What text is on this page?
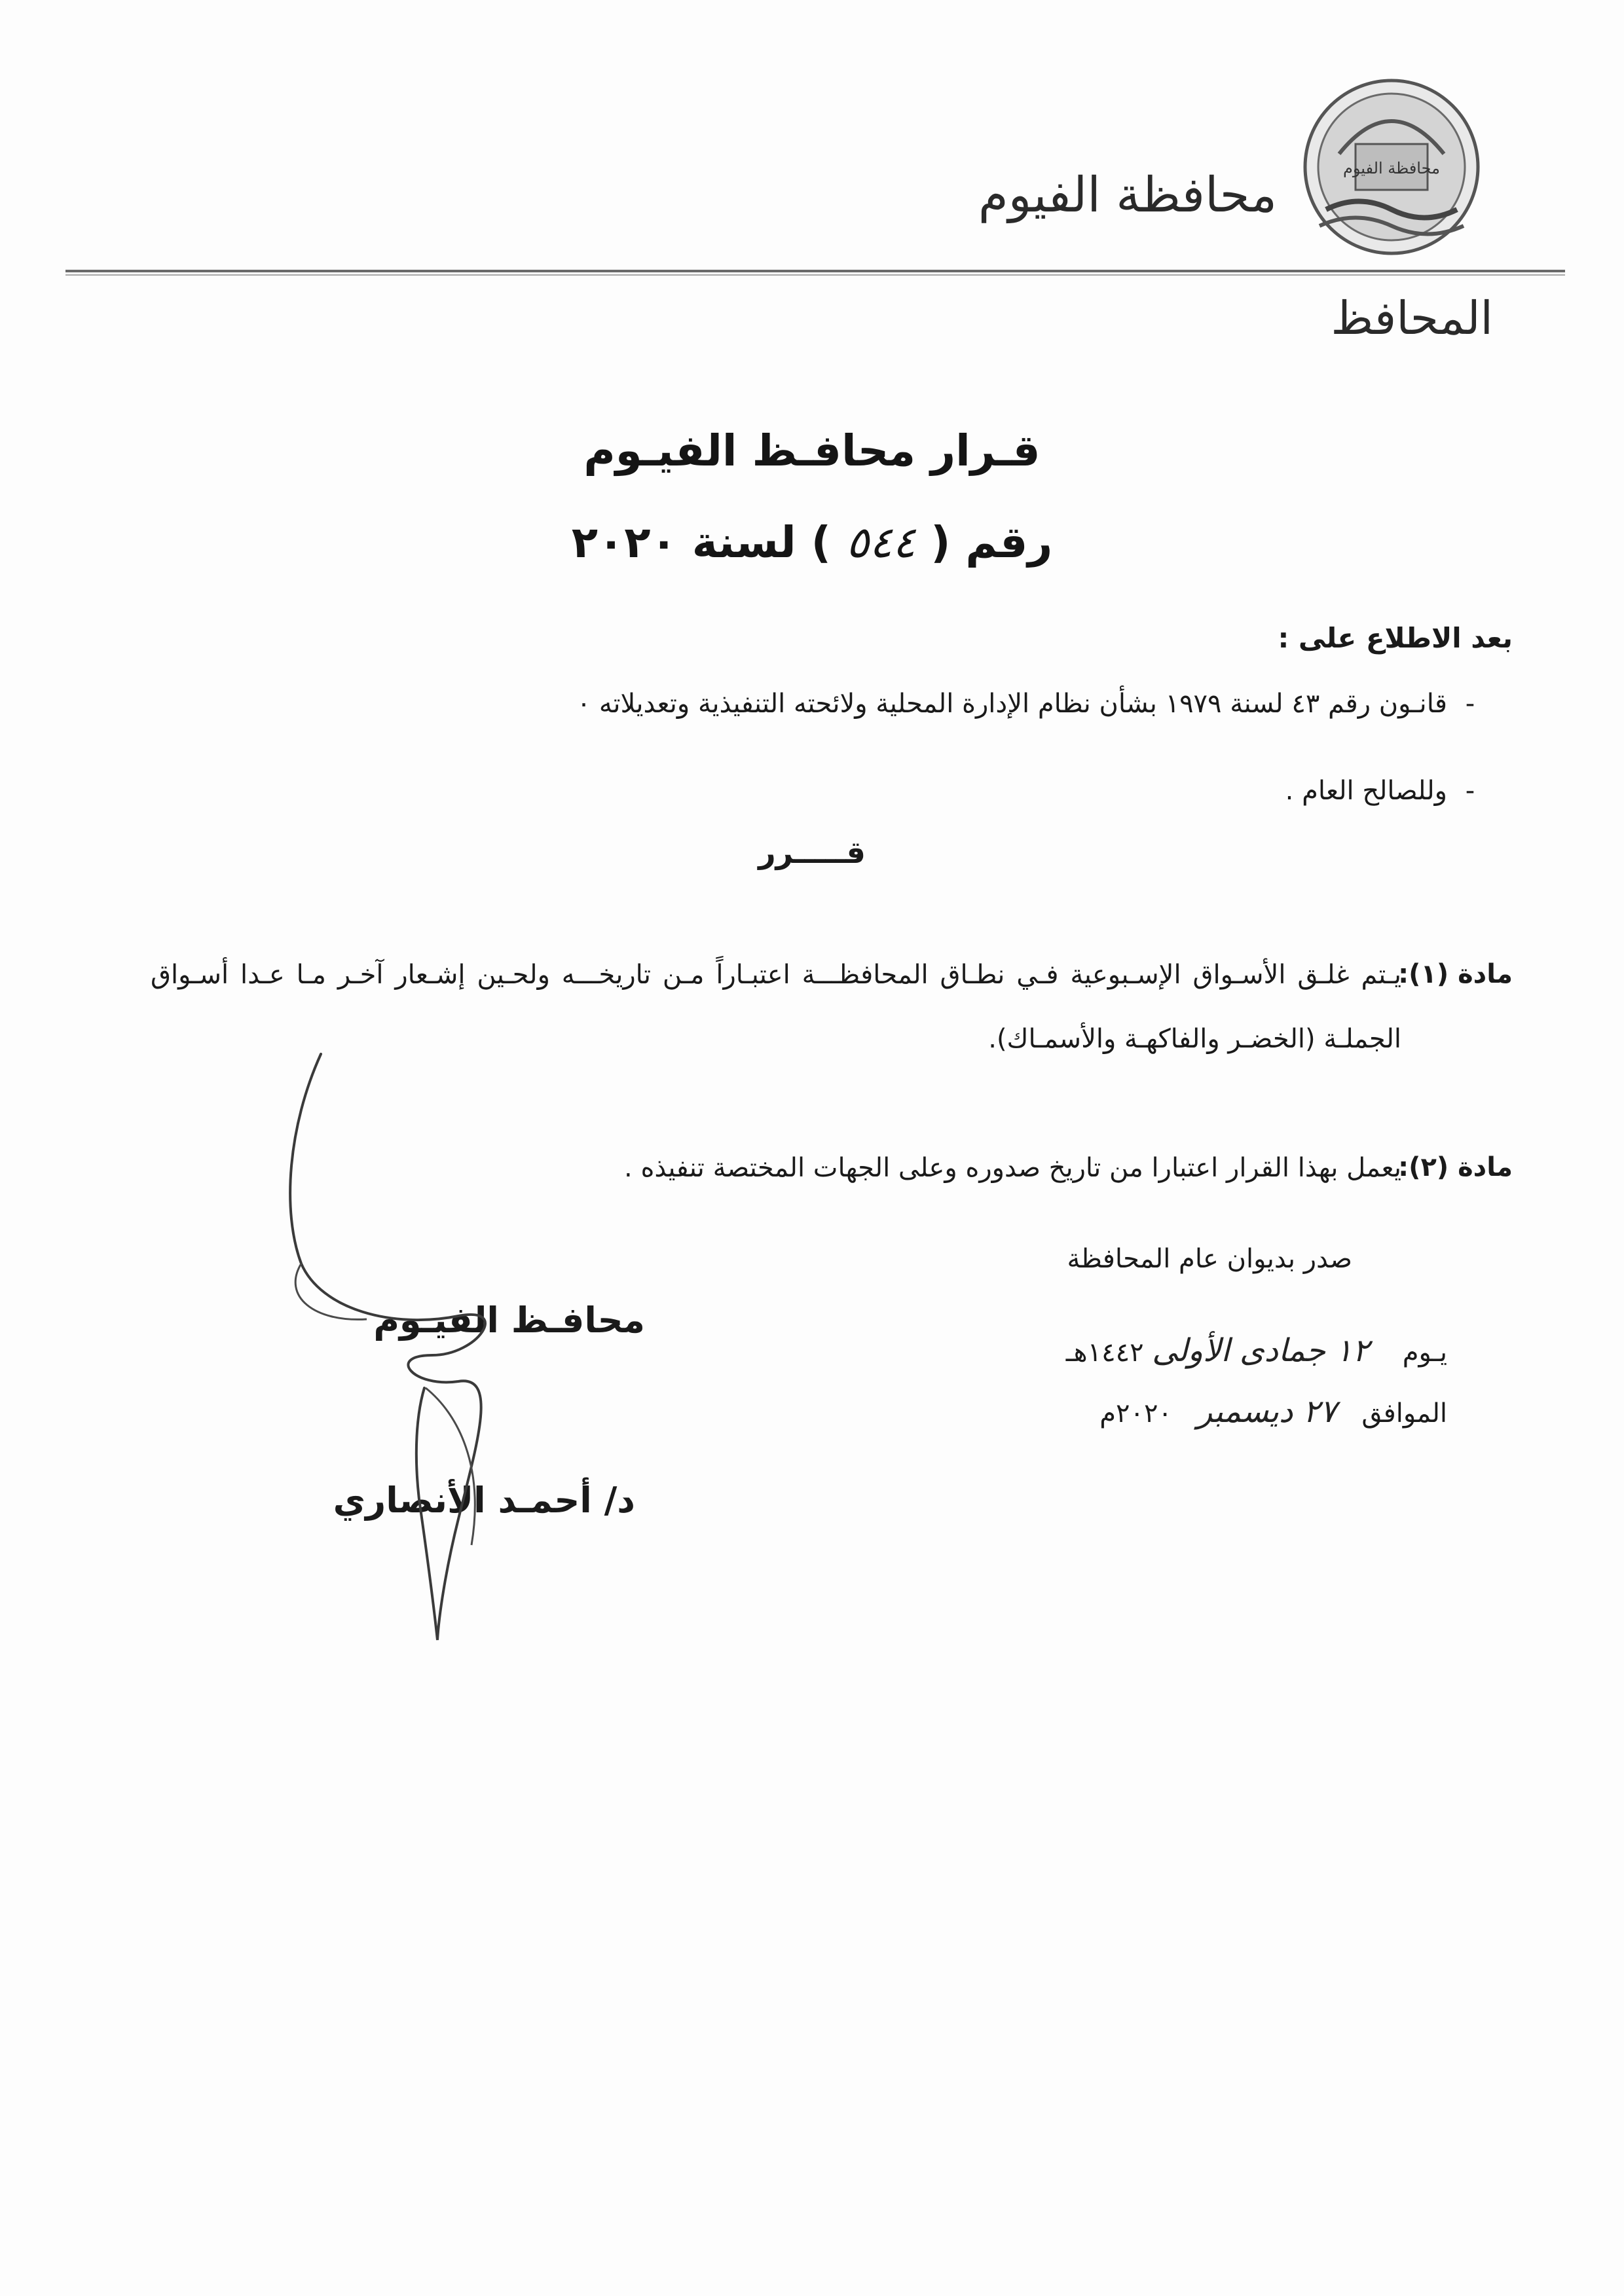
محافظة الفيوم
محافظة الفيوم
المحافظ
قـرار محافـظ الفيـوم
رقم ( ٥٤٤ ) لسنة ٢٠٢٠
بعد الاطلاع على :
-قانـون رقم ٤٣ لسنة ١٩٧٩ بشأن نظام الإدارة المحلية ولائحته التنفيذية وتعديلاته ٠
-وللصالح العام .
قـــــرر
مادة (١):
يـتم غلـق الأسـواق الإسـبوعية فـي نطـاق المحافظـــة اعتبـاراً مـن تاريخـــه ولحـين إشـعار آخـر مـا عـدا أسـواق الجملـة (الخضـر والفاكهـة والأسمـاك).
مادة (٢):
يعمل بهذا القرار اعتبارا من تاريخ صدوره وعلى الجهات المختصة تنفيذه .
صدر بديوان عام المحافظة
يـوم    ١٢ جمادى الأولى ١٤٤٢هـ
الموافق   ٢٧ ديسمبر   ٢٠٢٠م
محافـظ الفيـوم
د/ أحمـد الأنصاري
